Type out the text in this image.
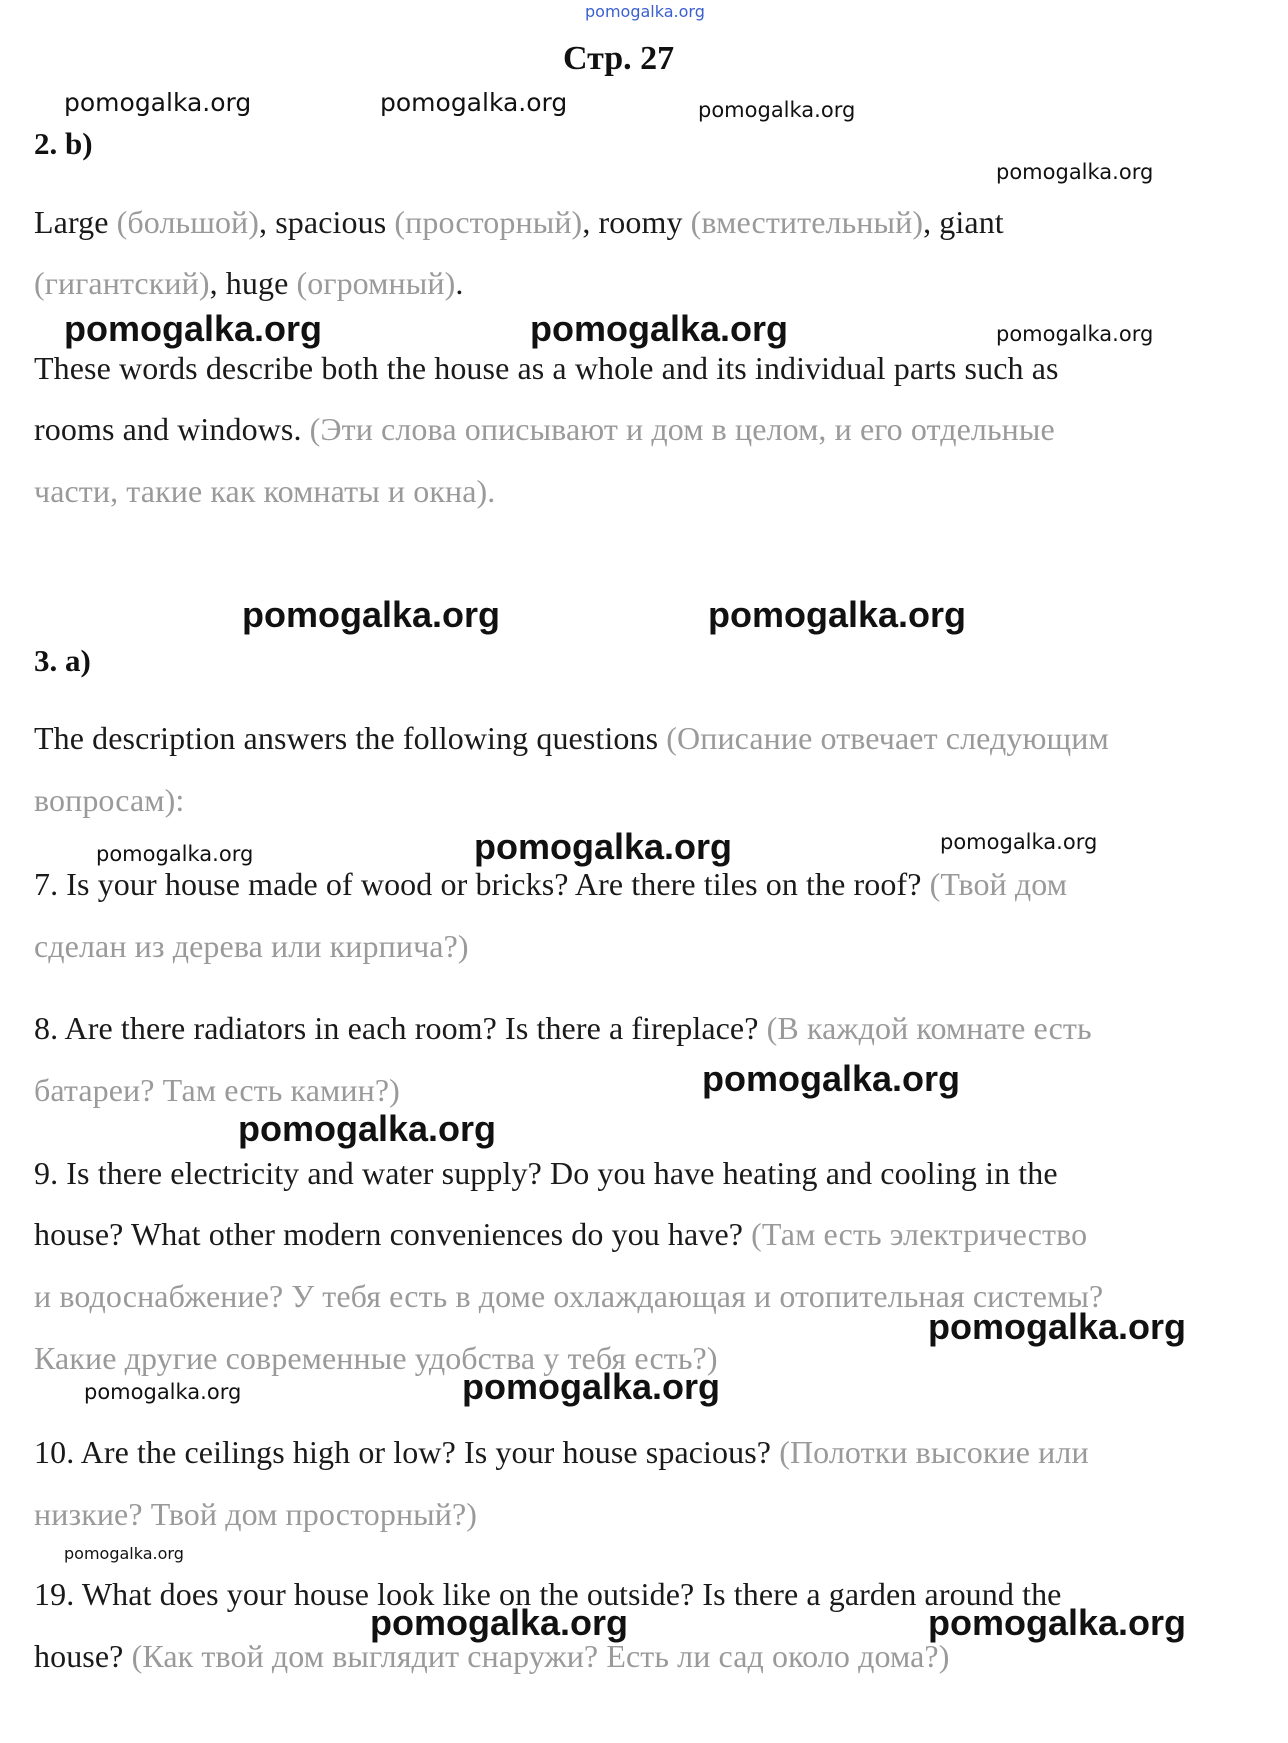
pomogalka.org
Стр. 27
pomogalka.org	pomogalka.org	pomogalka.org
2. b)
pomogalka.org
Large (большой), spacious (просторный), roomy (вместительный), giant
(гигантский), huge (огромный).
pomogalka.org	pomogalka.org	pomogalka.org
These words describe both the house as a whole and its individual parts such as
rooms and windows. (Эти слова описывают и дом в целом, и его отдельные
части, такие как комнаты и окна).
pomogalka.org	pomogalka.org
3. a)
The description answers the following questions (Описание отвечает следующим
вопросам):
pomogalka.org	pomogalka.org	pomogalka.org
7. Is your house made of wood or bricks? Are there tiles on the roof? (Твой дом
сделан из дерева или кирпича?)
8. Are there radiators in each room? Is there a fireplace? (В каждой комнате есть
pomogalka.org
батареи? Там есть камин?)
pomogalka.org
9. Is there electricity and water supply? Do you have heating and cooling in the
house? What other modern conveniences do you have? (Там есть электричество
и водоснабжение? У тебя есть в доме охлаждающая и отопительная системы?
pomogalka.org
Какие другие современные удобства у тебя есть?)
pomogalka.org	pomogalka.org
10. Are the ceilings high or low? Is your house spacious? (Полотки высокие или
низкие? Твой дом просторный?)
pomogalka.org
19. What does your house look like on the outside? Is there a garden around the
pomogalka.org	pomogalka.org
house? (Как твой дом выглядит снаружи? Есть ли сад около дома?)
